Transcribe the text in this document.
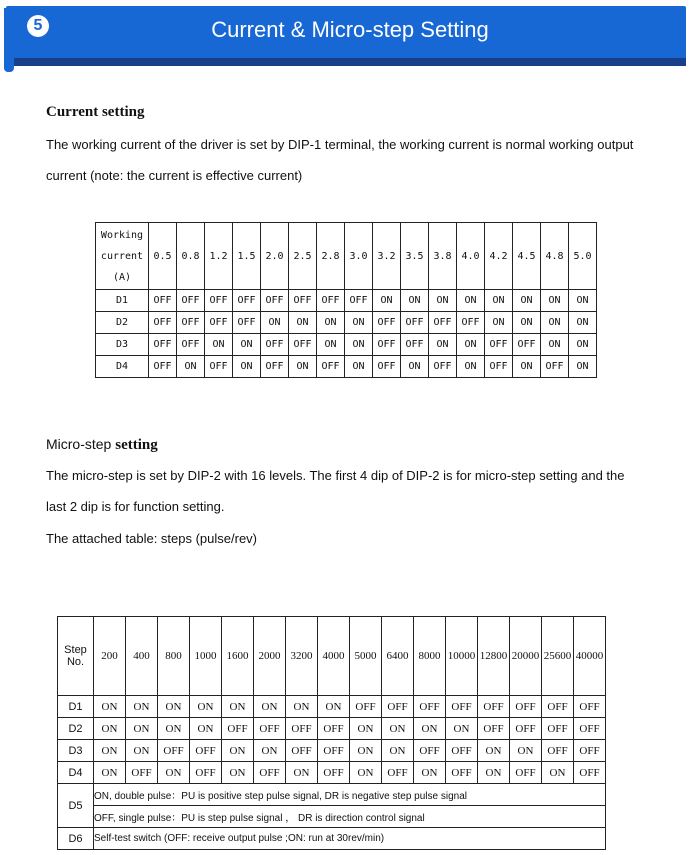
5	Current & Micro-step Setting
Current setting
The working current of the driver is set by DIP-1 terminal, the working current is normal working output
current (note: the current is effective current)
Working
current
(A)	0.5	0.8	1.2	1.5	2.0	2.5	2.8	3.0	3.2	3.5	3.8	4.0	4.2	4.5	4.8	5.0
D1	OFF	OFF	OFF	OFF	OFF	OFF	OFF	OFF	ON	ON	ON	ON	ON	ON	ON	ON
D2	OFF	OFF	OFF	OFF	ON	ON	ON	ON	OFF	OFF	OFF	OFF	ON	ON	ON	ON
D3	OFF	OFF	ON	ON	OFF	OFF	ON	ON	OFF	OFF	ON	ON	OFF	OFF	ON	ON
D4	OFF	ON	OFF	ON	OFF	ON	OFF	ON	OFF	ON	OFF	ON	OFF	ON	OFF	ON
Micro-step setting
The micro-step is set by DIP-2 with 16 levels. The first 4 dip of DIP-2 is for micro-step setting and the
last 2 dip is for function setting.
The attached table: steps (pulse/rev)
Step
No.	200	400	800	1000	1600	2000	3200	4000	5000	6400	8000	10000	12800	20000	25600	40000
D1	ON	ON	ON	ON	ON	ON	ON	ON	OFF	OFF	OFF	OFF	OFF	OFF	OFF	OFF
D2	ON	ON	ON	ON	OFF	OFF	OFF	OFF	ON	ON	ON	ON	OFF	OFF	OFF	OFF
D3	ON	ON	OFF	OFF	ON	ON	OFF	OFF	ON	ON	OFF	OFF	ON	ON	OFF	OFF
D4	ON	OFF	ON	OFF	ON	OFF	ON	OFF	ON	OFF	ON	OFF	ON	OFF	ON	OFF
D5	ON, double pulse：PU is positive step pulse signal, DR is negative step pulse signal															
	OFF, single pulse：PU is step pulse signal ， DR is direction control signal															
D6	Self-test switch (OFF: receive output pulse ;ON: run at 30rev/min)															
